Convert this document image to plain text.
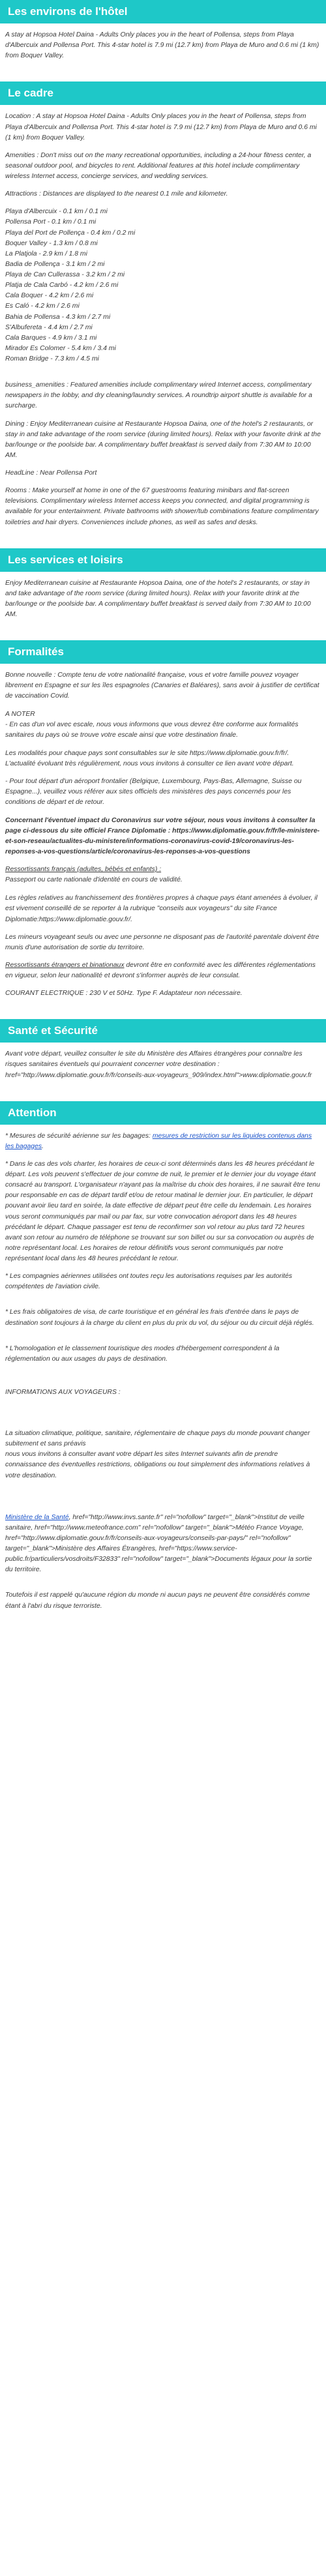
Les environs de l'hôtel

A stay at Hopsoa Hotel Daina - Adults Only places you in the heart of Pollensa, steps from Playa d'Albercuix and Pollensa Port. This 4-star hotel is 7.9 mi (12.7 km) from Playa de Muro and 0.6 mi (1 km) from Boquer Valley.

Le cadre

Location : A stay at Hopsoa Hotel Daina - Adults Only places you in the heart of Pollensa, steps from Playa d'Albercuix and Pollensa Port. This 4-star hotel is 7.9 mi (12.7 km) from Playa de Muro and 0.6 mi (1 km) from Boquer Valley.

Amenities : Don't miss out on the many recreational opportunities, including a 24-hour fitness center, a seasonal outdoor pool, and bicycles to rent. Additional features at this hotel include complimentary wireless Internet access, concierge services, and wedding services.

Attractions : Distances are displayed to the nearest 0.1 mile and kilometer.

Playa d'Albercuix - 0.1 km / 0.1 mi

Pollensa Port - 0.1 km / 0.1 mi

Playa del Port de Pollença - 0.4 km / 0.2 mi

Boquer Valley - 1.3 km / 0.8 mi

La Platjola - 2.9 km / 1.8 mi

Badia de Pollença - 3.1 km / 2 mi

Playa de Can Cullerassa - 3.2 km / 2 mi

Platja de Cala Carbó - 4.2 km / 2.6 mi

Cala Boquer - 4.2 km / 2.6 mi

Es Caló - 4.2 km / 2.6 mi

Bahia de Pollensa - 4.3 km / 2.7 mi

S'Albufereta - 4.4 km / 2.7 mi

Cala Barques - 4.9 km / 3.1 mi

Mirador Es Colomer - 5.4 km / 3.4 mi

Roman Bridge - 7.3 km / 4.5 mi

business_amenities : Featured amenities include complimentary wired Internet access, complimentary newspapers in the lobby, and dry cleaning/laundry services. A roundtrip airport shuttle is available for a surcharge.

Dining : Enjoy Mediterranean cuisine at Restaurante Hopsoa Daina, one of the hotel's 2 restaurants, or stay in and take advantage of the room service (during limited hours). Relax with your favorite drink at the bar/lounge or the poolside bar. A complimentary buffet breakfast is served daily from 7:30 AM to 10:00 AM.

HeadLine : Near Pollensa Port

Rooms : Make yourself at home in one of the 67 guestrooms featuring minibars and flat-screen televisions. Complimentary wireless Internet access keeps you connected, and digital programming is available for your entertainment. Private bathrooms with shower/tub combinations feature complimentary toiletries and hair dryers. Conveniences include phones, as well as safes and desks.

Les services et loisirs

Enjoy Mediterranean cuisine at Restaurante Hopsoa Daina, one of the hotel's 2 restaurants, or stay in and take advantage of the room service (during limited hours). Relax with your favorite drink at the bar/lounge or the poolside bar. A complimentary buffet breakfast is served daily from 7:30 AM to 10:00 AM.

Formalités

Bonne nouvelle : Compte tenu de votre nationalité française, vous et votre famille pouvez voyager librement en Espagne et sur les îles espagnoles (Canaries et Baléares), sans avoir à justifier de certificat de vaccination Covid.

A NOTER

- En cas d'un vol avec escale, nous vous informons que vous devrez être conforme aux formalités sanitaires du pays où se trouve votre escale ainsi que votre destination finale.

Les modalités pour chaque pays sont consultables sur le site https://www.diplomatie.gouv.fr/fr/. L'actualité évoluant très régulièrement, nous vous invitons à consulter ce lien avant votre départ.

- Pour tout départ d'un aéroport frontalier (Belgique, Luxembourg, Pays-Bas, Allemagne, Suisse ou Espagne...), veuillez vous référer aux sites officiels des ministères des pays concernés pour les conditions de départ et de retour.

Concernant l'éventuel impact du Coronavirus sur votre séjour, nous vous invitons à consulter la page ci-dessous du site officiel France Diplomatie : https://www.diplomatie.gouv.fr/fr/le-ministere-et-son-reseau/actualites-du-ministere/informations-coronavirus-covid-19/coronavirus-les-reponses-a-vos-questions/article/coronavirus-les-reponses-a-vos-questions

Ressortissants français (adultes, bébés et enfants) :

Passeport ou carte nationale d'identité en cours de validité.

Les règles relatives au franchissement des frontières propres à chaque pays étant amenées à évoluer, il est vivement conseillé de se reporter à la rubrique "conseils aux voyageurs" du site France Diplomatie:https://www.diplomatie.gouv.fr/.

Les mineurs voyageant seuls ou avec une personne ne disposant pas de l'autorité parentale doivent être munis d'une autorisation de sortie du territoire.

Ressortissants étrangers et binationaux devront être en conformité avec les différentes réglementations en vigueur, selon leur nationalité et devront s'informer auprès de leur consulat.

COURANT ELECTRIQUE : 230 V et 50Hz. Type F. Adaptateur non nécessaire.

Santé et Sécurité

Avant votre départ, veuillez consulter le site du Ministère des Affaires étrangères pour connaître les risques sanitaires éventuels qui pourraient concerner votre destination : href="http://www.diplomatie.gouv.fr/fr/conseils-aux-voyageurs_909/index.html">www.diplomatie.gouv.fr

Attention

* Mesures de sécurité aérienne sur les bagages: mesures de restriction sur les liquides contenus dans les bagages.

* Dans le cas des vols charter, les horaires de ceux-ci sont déterminés dans les 48 heures précédant le départ. Les vols peuvent s'effectuer de jour comme de nuit, le premier et le dernier jour du voyage étant consacré au transport. L'organisateur n'ayant pas la maîtrise du choix des horaires, il ne saurait être tenu pour responsable en cas de départ tardif et/ou de retour matinal le dernier jour. En particulier, le départ pouvant avoir lieu tard en soirée, la date effective de départ peut être celle du lendemain. Les horaires vous seront communiqués par mail ou par fax, sur votre convocation aéroport dans les 48 heures précédant le départ. Chaque passager est tenu de reconfirmer son vol retour au plus tard 72 heures avant son retour au numéro de téléphone se trouvant sur son billet ou sur sa convocation ou auprès de notre représentant local. Les horaires de retour définitifs vous seront communiqués par notre représentant local dans les 48 heures précédant le retour.

* Les compagnies aériennes utilisées ont toutes reçu les autorisations requises par les autorités compétentes de l'aviation civile.

* Les frais obligatoires de visa, de carte touristique et en général les frais d'entrée dans le pays de destination sont toujours à la charge du client en plus du prix du vol, du séjour ou du circuit déjà réglés.

* L'homologation et le classement touristique des modes d'hébergement correspondent à la réglementation ou aux usages du pays de destination.

INFORMATIONS AUX VOYAGEURS :

La situation climatique, politique, sanitaire, réglementaire de chaque pays du monde pouvant changer subitement et sans préavis

nous vous invitons à consulter avant votre départ les sites Internet suivants afin de prendre connaissance des éventuelles restrictions, obligations ou tout simplement des informations relatives à votre destination.

Ministère de la Santé, href="http://www.invs.sante.fr" rel="nofollow" target="_blank">Institut de veille sanitaire, href="http://www.meteofrance.com" rel="nofollow" target="_blank">Météo France Voyage, href="http://www.diplomatie.gouv.fr/fr/conseils-aux-voyageurs/conseils-par-pays/" rel="nofollow" target="_blank">Ministère des Affaires Étrangères, href="https://www.service-public.fr/particuliers/vosdroits/F32833" rel="nofollow" target="_blank">Documents légaux pour la sortie du territoire.

Toutefois il est rappelé qu'aucune région du monde ni aucun pays ne peuvent être considérés comme étant à l'abri du risque terroriste.
